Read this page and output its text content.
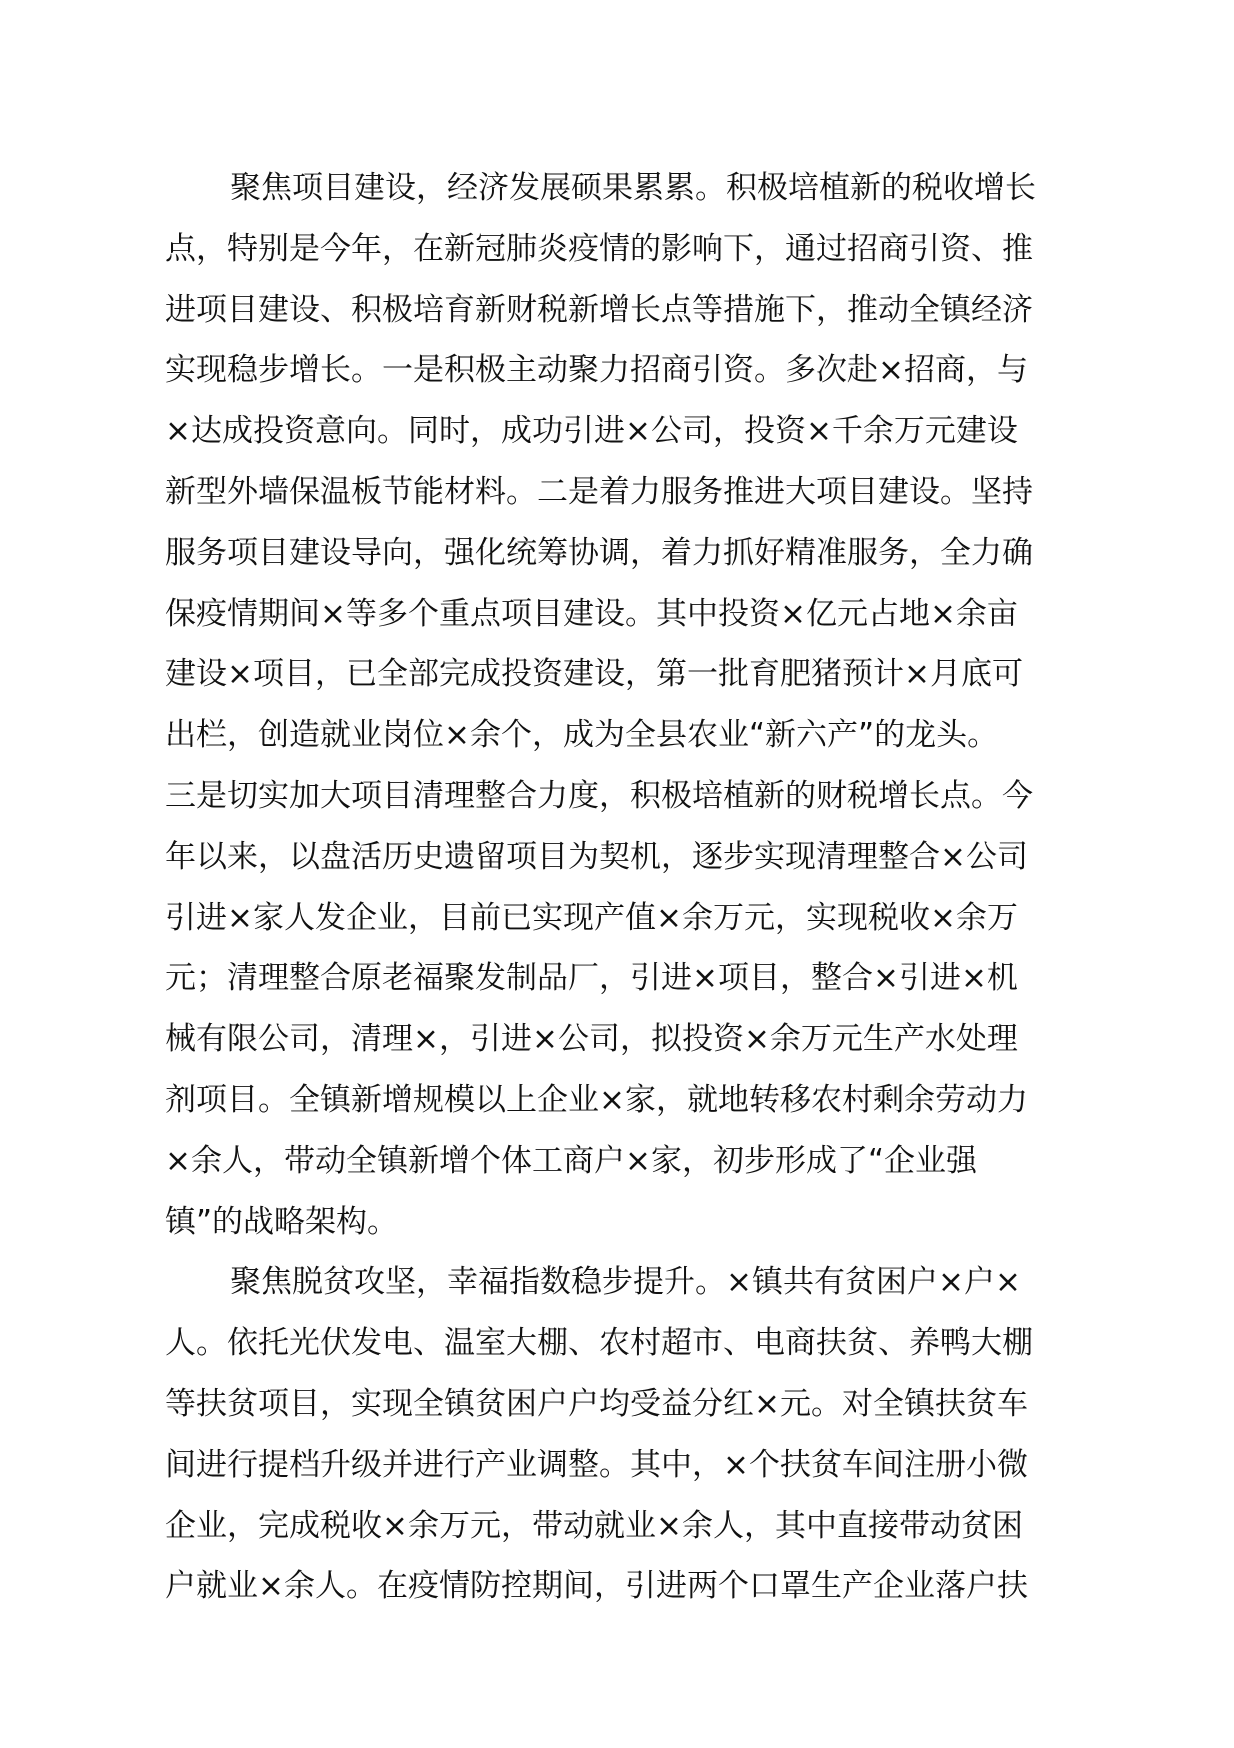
聚焦项目建设，经济发展硕果累累。积极培植新的税收增长
点，特别是今年，在新冠肺炎疫情的影响下，通过招商引资、推
进项目建设、积极培育新财税新增长点等措施下，推动全镇经济
实现稳步增长。一是积极主动聚力招商引资。多次赴×招商，与
×达成投资意向。同时，成功引进×公司，投资×千余万元建设
新型外墙保温板节能材料。二是着力服务推进大项目建设。坚持
服务项目建设导向，强化统筹协调，着力抓好精准服务，全力确
保疫情期间×等多个重点项目建设。其中投资×亿元占地×余亩
建设×项目，已全部完成投资建设，第一批育肥猪预计×月底可
出栏，创造就业岗位×余个，成为全县农业“新六产”的龙头。
三是切实加大项目清理整合力度，积极培植新的财税增长点。今
年以来，以盘活历史遗留项目为契机，逐步实现清理整合×公司
引进×家人发企业，目前已实现产值×余万元，实现税收×余万
元；清理整合原老福聚发制品厂，引进×项目，整合×引进×机
械有限公司，清理×，引进×公司，拟投资×余万元生产水处理
剂项目。全镇新增规模以上企业×家，就地转移农村剩余劳动力
×余人，带动全镇新增个体工商户×家，初步形成了“企业强
镇”的战略架构。
聚焦脱贫攻坚，幸福指数稳步提升。×镇共有贫困户×户×
人。依托光伏发电、温室大棚、农村超市、电商扶贫、养鸭大棚
等扶贫项目，实现全镇贫困户户均受益分红×元。对全镇扶贫车
间进行提档升级并进行产业调整。其中，×个扶贫车间注册小微
企业，完成税收×余万元，带动就业×余人，其中直接带动贫困
户就业×余人。在疫情防控期间，引进两个口罩生产企业落户扶
